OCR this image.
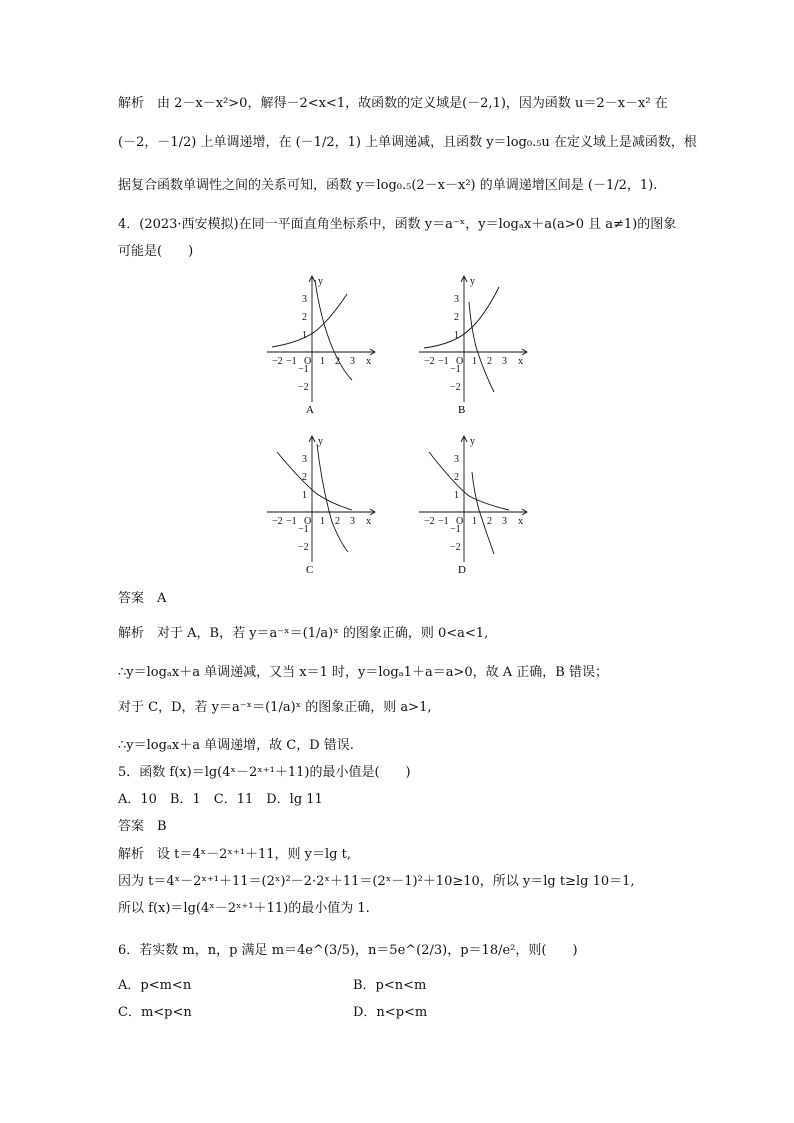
解析　由 2－x－x²>0，解得－2<x<1，故函数的定义域是(－2,1)，因为函数 u＝2－x－x² 在
(－2，－1/2) 上单调递增，在 (－1/2，1) 上单调递减，且函数 y＝log₀.₅u 在定义域上是减函数，根
据复合函数单调性之间的关系可知，函数 y＝log₀.₅(2－x－x²) 的单调递增区间是 (－1/2，1).
4．(2023·西安模拟)在同一平面直角坐标系中，函数 y＝a⁻ˣ，y＝logₐx＋a(a>0 且 a≠1)的图象
可能是(　　)
y
x
O
−2 −1 1 2 3
3
2
1
−1
−2
A
y
x
O
−2 −1 1 2 3
3
2
1
−1
−2
B
y
x
O
−2 −1 1 2 3
3
2
1
−1
−2
C
y
x
O
−2 −1 1 2 3
3
2
1
−1
−2
D
答案　A
解析　对于 A，B，若 y＝a⁻ˣ＝(1/a)ˣ 的图象正确，则 0<a<1,
∴y＝logₐx＋a 单调递减，又当 x＝1 时，y＝logₐ1＋a＝a>0，故 A 正确，B 错误；
对于 C，D，若 y＝a⁻ˣ＝(1/a)ˣ 的图象正确，则 a>1,
∴y＝logₐx＋a 单调递增，故 C，D 错误.
5．函数 f(x)＝lg(4ˣ－2ˣ⁺¹＋11)的最小值是(　　)
A．10　B．1　C．11　D．lg 11
答案　B
解析　设 t＝4ˣ－2ˣ⁺¹＋11，则 y＝lg t,
因为 t＝4ˣ－2ˣ⁺¹＋11＝(2ˣ)²－2·2ˣ＋11＝(2ˣ－1)²＋10≥10，所以 y＝lg t≥lg 10＝1,
所以 f(x)＝lg(4ˣ－2ˣ⁺¹＋11)的最小值为 1.
6．若实数 m，n，p 满足 m＝4e^(3/5)，n＝5e^(2/3)，p＝18/e²，则(　　)
A．p<m<n	B．p<n<m
C．m<p<n	D．n<p<m
